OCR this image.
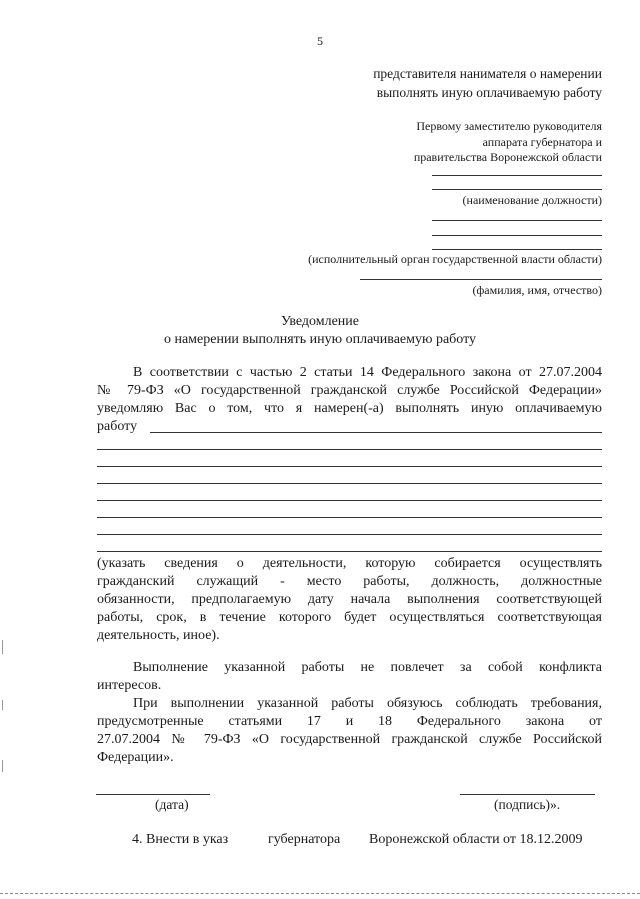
5
представителя нанимателя о намерении
выполнять иную оплачиваемую работу
Первому заместителю руководителя
аппарата губернатора и
правительства Воронежской области
(наименование должности)
(исполнительный орган государственной власти области)
(фамилия, имя, отчество)
Уведомление
о намерении выполнять иную оплачиваемую работу
В соответствии с частью 2 статьи 14 Федерального закона от 27.07.2004
№ 79-ФЗ «О государственной гражданской службе Российской Федерации»
уведомляю Вас о том, что я намерен(-а) выполнять иную оплачиваемую
работу
(указать сведения о деятельности, которую собирается осуществлять
гражданский служащий - место работы, должность, должностные
обязанности, предполагаемую дату начала выполнения соответствующей
работы, срок, в течение которого будет осуществляться соответствующая
деятельность, иное).
Выполнение указанной работы не повлечет за собой конфликта
интересов.
При выполнении указанной работы обязуюсь соблюдать требования,
предусмотренные статьями 17 и 18 Федерального закона от
27.07.2004 № 79-ФЗ «О государственной гражданской службе Российской
Федерации».
(дата)	(подпись)».
4. Внести в указ	губернатора Воронежской области от 18.12.2009
